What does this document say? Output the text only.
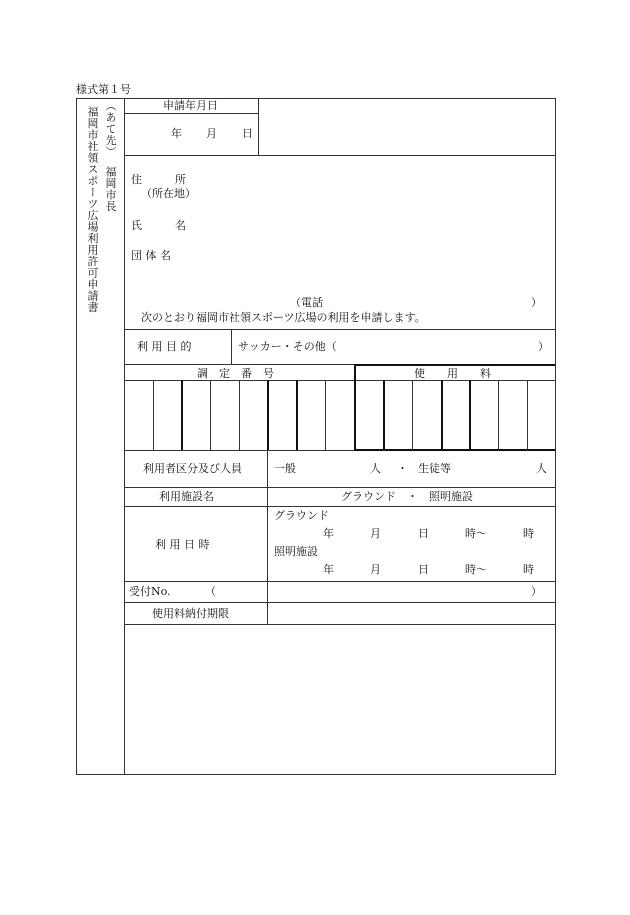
様式第１号
（あて先）
福岡市長
福岡市社領スポーツ広場利用許可申請書
申請年月日
年 月 日
住　　　所
（所在地）
氏　　　名
団 体 名
（電話	）
次のとおり福岡市社領スポーツ広場の利用を申請します。
利 用 目 的	サッカー・その他（	）
調　定　番　号	使　　用　　料
利用者区分及び人員	一般	人 ・ 生徒等	人
利用施設名	グラウンド　・　照明施設
利 用 日 時
グラウンド
年	月	日	時～	時
照明施設
年	月	日	時～	時
受付No.	（	）
使用料納付期限
